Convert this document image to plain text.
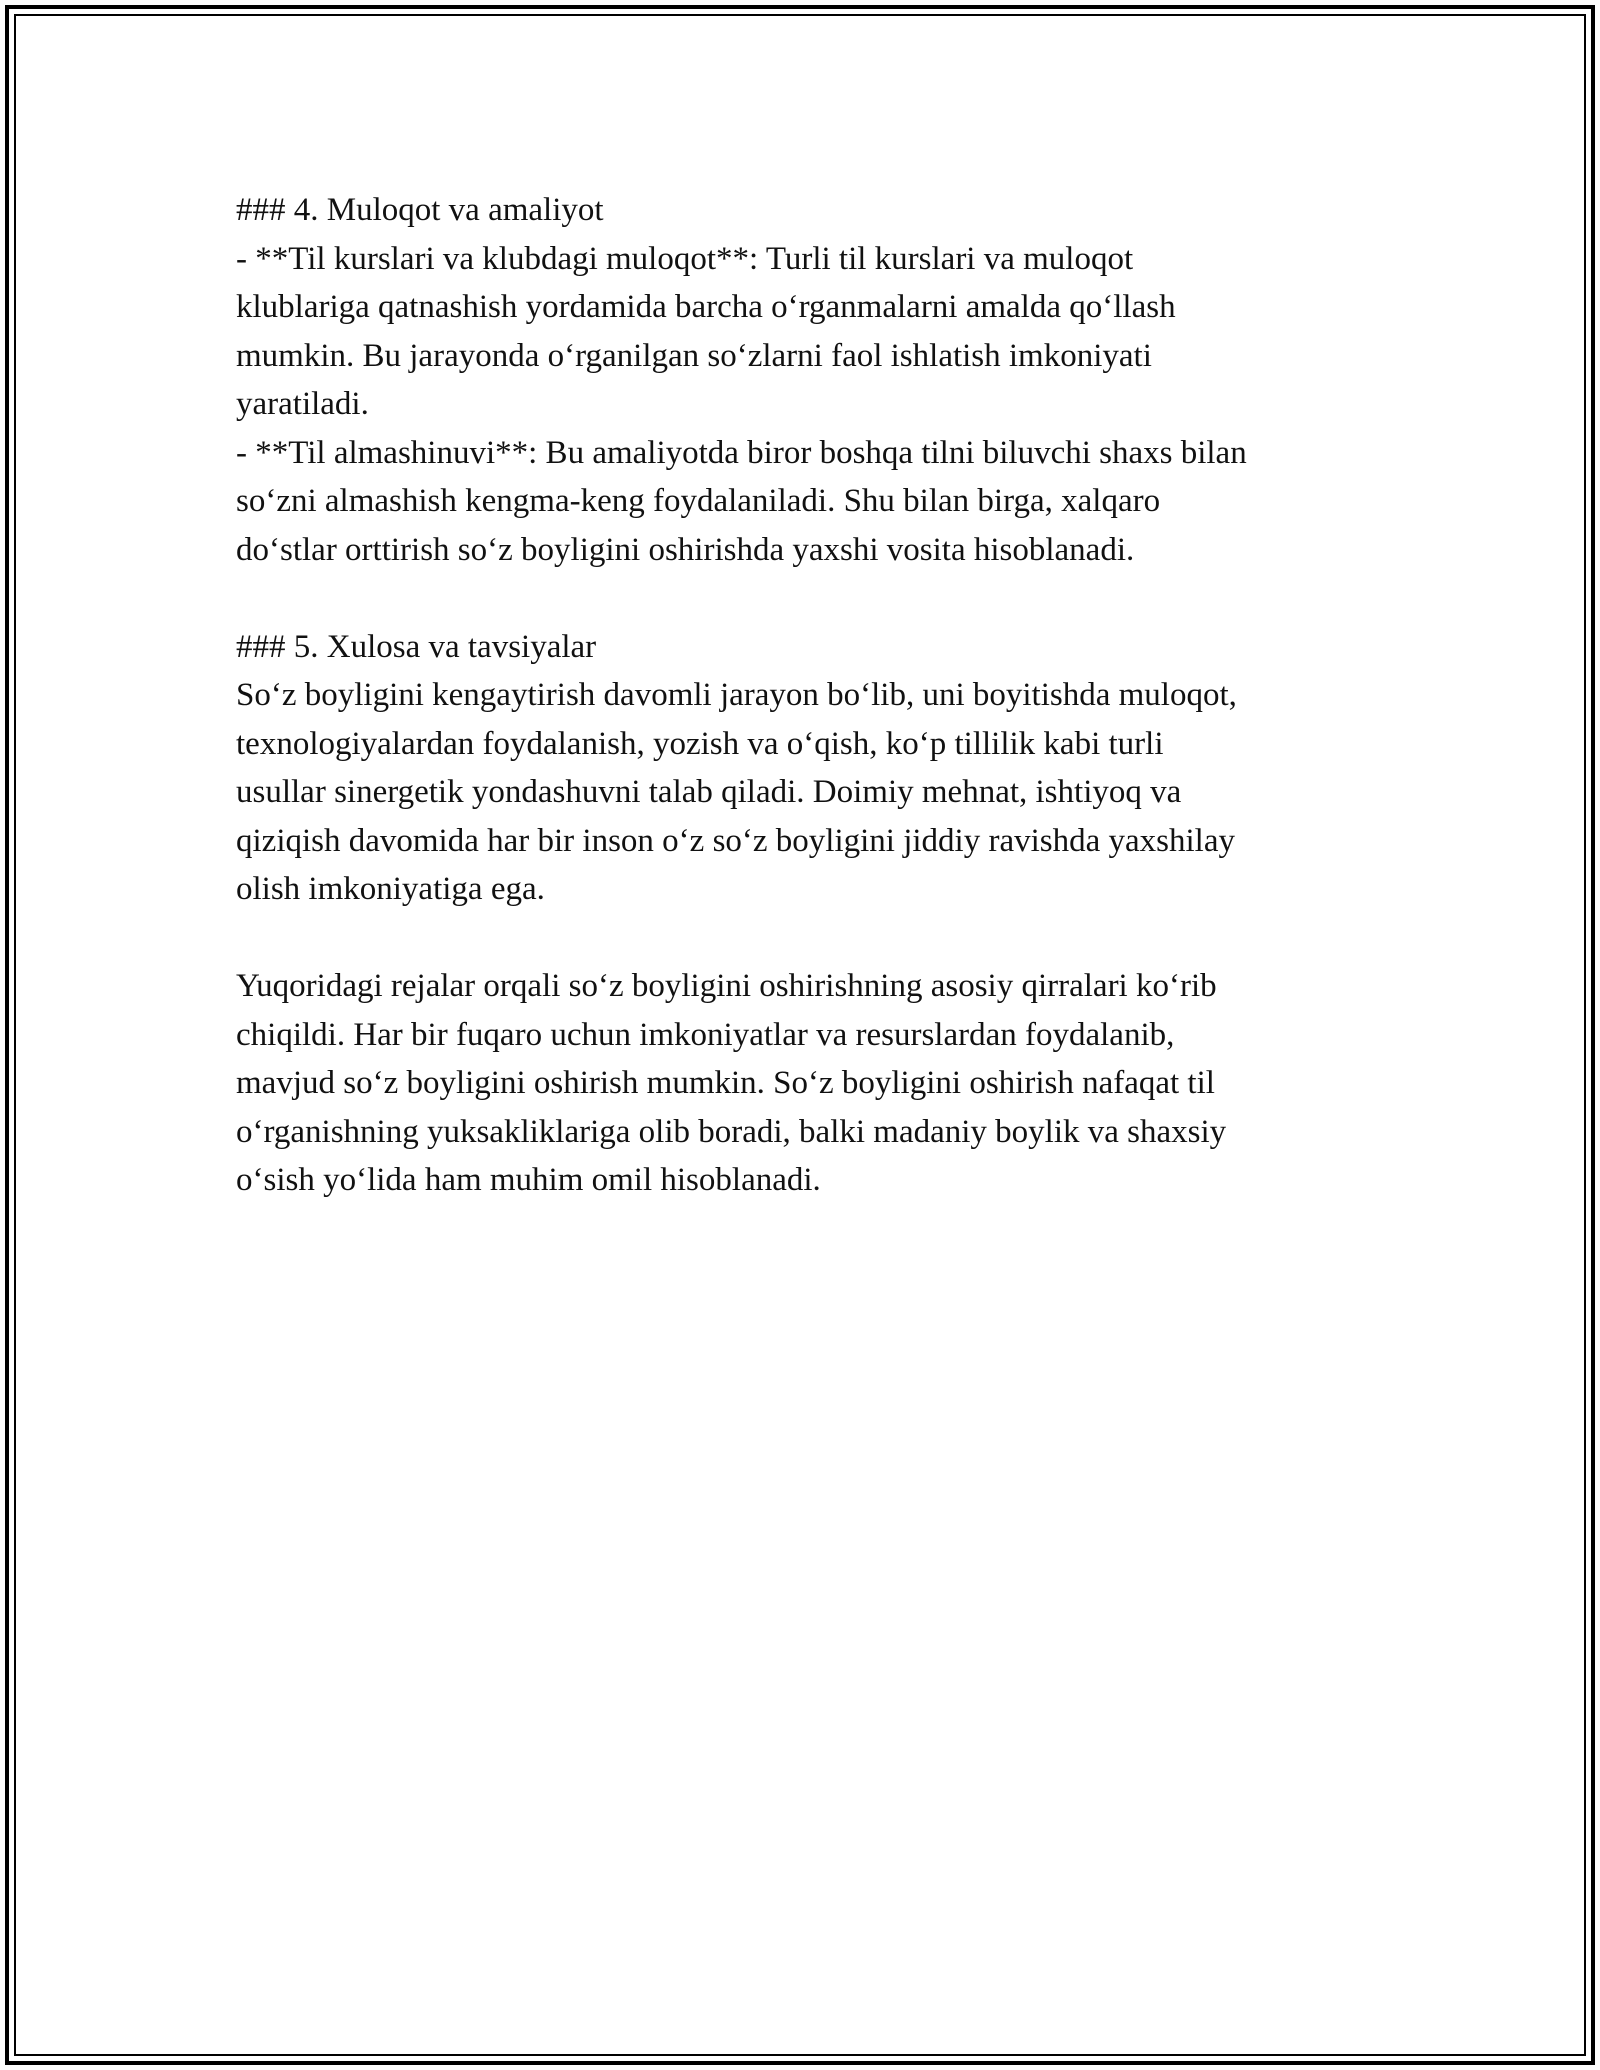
### 4. Muloqot va amaliyot
- **Til kurslari va klubdagi muloqot**: Turli til kurslari va muloqot
klublariga qatnashish yordamida barcha o‘rganmalarni amalda qo‘llash
mumkin. Bu jarayonda o‘rganilgan so‘zlarni faol ishlatish imkoniyati
yaratiladi.
- **Til almashinuvi**: Bu amaliyotda biror boshqa tilni biluvchi shaxs bilan
so‘zni almashish kengma-keng foydalaniladi. Shu bilan birga, xalqaro
do‘stlar orttirish so‘z boyligini oshirishda yaxshi vosita hisoblanadi.
### 5. Xulosa va tavsiyalar
So‘z boyligini kengaytirish davomli jarayon bo‘lib, uni boyitishda muloqot,
texnologiyalardan foydalanish, yozish va o‘qish, ko‘p tillilik kabi turli
usullar sinergetik yondashuvni talab qiladi. Doimiy mehnat, ishtiyoq va
qiziqish davomida har bir inson o‘z so‘z boyligini jiddiy ravishda yaxshilay
olish imkoniyatiga ega.
Yuqoridagi rejalar orqali so‘z boyligini oshirishning asosiy qirralari ko‘rib
chiqildi. Har bir fuqaro uchun imkoniyatlar va resurslardan foydalanib,
mavjud so‘z boyligini oshirish mumkin. So‘z boyligini oshirish nafaqat til
o‘rganishning yuksakliklariga olib boradi, balki madaniy boylik va shaxsiy
o‘sish yo‘lida ham muhim omil hisoblanadi.
